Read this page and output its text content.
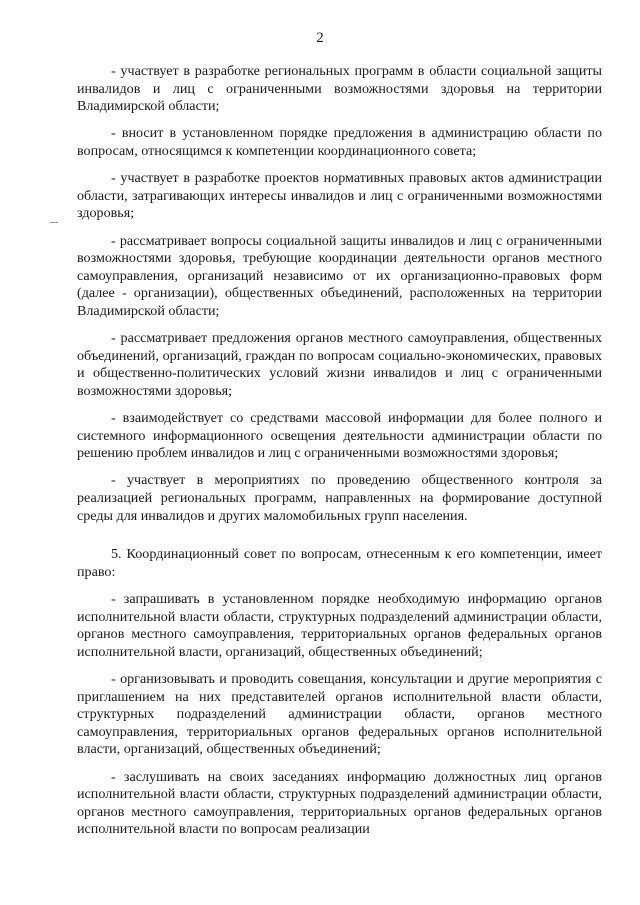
2

- участвует в разработке региональных программ в области социальной защиты инвалидов и лиц с ограниченными возможностями здоровья на территории Владимирской области;

- вносит в установленном порядке предложения в администрацию области по вопросам, относящимся к компетенции координационного совета;

- участвует в разработке проектов нормативных правовых актов администрации области, затрагивающих интересы инвалидов и лиц с ограниченными возможностями здоровья;

- рассматривает вопросы социальной защиты инвалидов и лиц с ограниченными возможностями здоровья, требующие координации деятельности органов местного самоуправления, организаций независимо от их организационно-правовых форм (далее - организации), общественных объединений, расположенных на территории Владимирской области;

- рассматривает предложения органов местного самоуправления, общественных объединений, организаций, граждан по вопросам социально-экономических, правовых и общественно-политических условий жизни инвалидов и лиц с ограниченными возможностями здоровья;

- взаимодействует со средствами массовой информации для более полного и системного информационного освещения деятельности администрации области по решению проблем инвалидов и лиц с ограниченными возможностями здоровья;

- участвует в мероприятиях по проведению общественного контроля за реализацией региональных программ, направленных на формирование доступной среды для инвалидов и других маломобильных групп населения.

5. Координационный совет по вопросам, отнесенным к его компетенции, имеет право:

- запрашивать в установленном порядке необходимую информацию органов исполнительной власти области, структурных подразделений администрации области, органов местного самоуправления, территориальных органов федеральных органов исполнительной власти, организаций, общественных объединений;

- организовывать и проводить совещания, консультации и другие мероприятия с приглашением на них представителей органов исполнительной власти области, структурных подразделений администрации области, органов местного самоуправления, территориальных органов федеральных органов исполнительной власти, организаций, общественных объединений;

- заслушивать на своих заседаниях информацию должностных лиц органов исполнительной власти области, структурных подразделений администрации области, органов местного самоуправления, территориальных органов федеральных органов исполнительной власти по вопросам реализации
